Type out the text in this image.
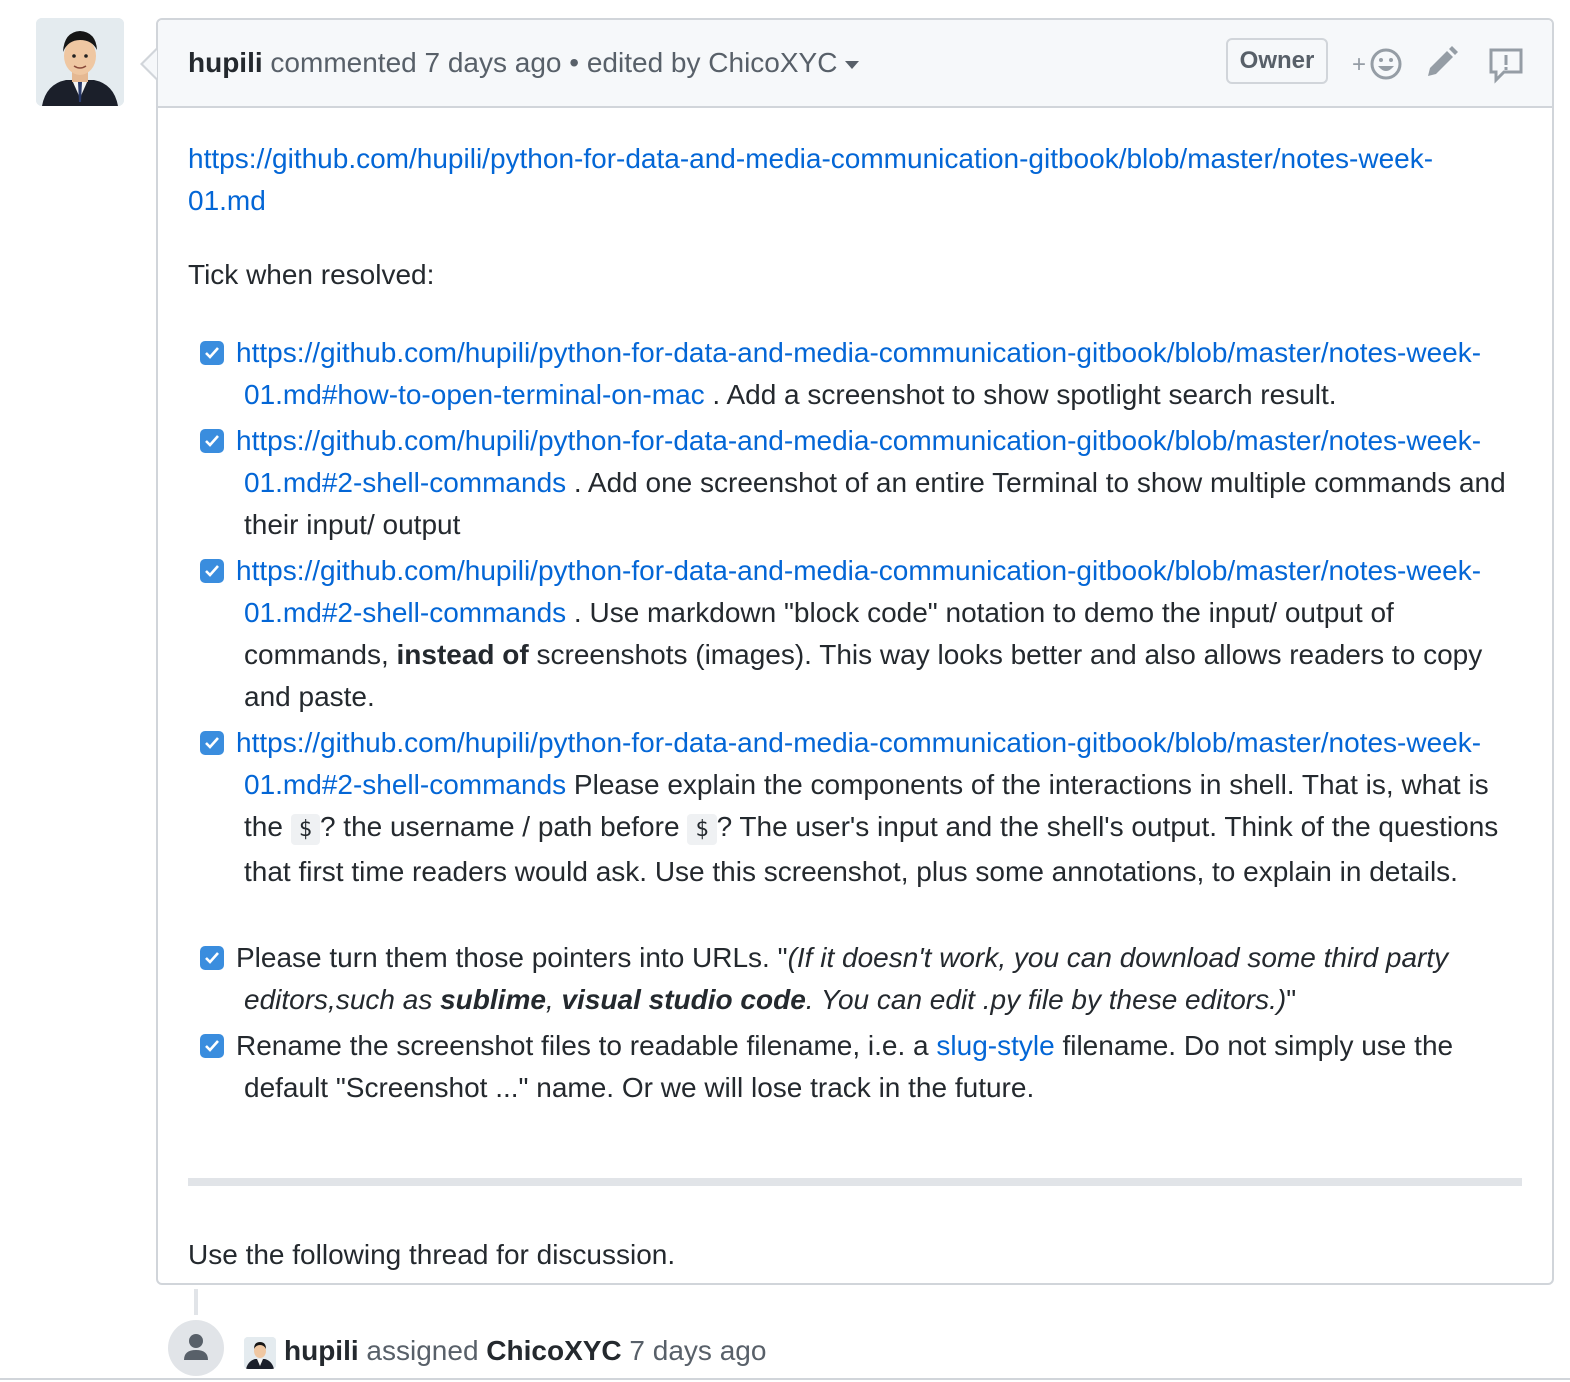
hupili commented 7 days ago • edited by ChicoXYC	Owner	+
https://github.com/hupili/python-for-data-and-media-communication-gitbook/blob/master/notes-week-01.md
Tick when resolved:
https://github.com/hupili/python-for-data-and-media-communication-gitbook/blob/master/notes-week-01.md#how-to-open-terminal-on-mac . Add a screenshot to show spotlight search result.
https://github.com/hupili/python-for-data-and-media-communication-gitbook/blob/master/notes-week-01.md#2-shell-commands . Add one screenshot of an entire Terminal to show multiple commands and their input/ output
https://github.com/hupili/python-for-data-and-media-communication-gitbook/blob/master/notes-week-01.md#2-shell-commands . Use markdown "block code" notation to demo the input/ output of commands, instead of screenshots (images). This way looks better and also allows readers to copy and paste.
https://github.com/hupili/python-for-data-and-media-communication-gitbook/blob/master/notes-week-01.md#2-shell-commands Please explain the components of the interactions in shell. That is, what is the $ ? the username / path before $ ? The user's input and the shell's output. Think of the questions that first time readers would ask. Use this screenshot, plus some annotations, to explain in details.
Please turn them those pointers into URLs. "(If it doesn't work, you can download some third party editors,such as sublime, visual studio code. You can edit .py file by these editors.)"
Rename the screenshot files to readable filename, i.e. a slug-style filename. Do not simply use the default "Screenshot ..." name. Or we will lose track in the future.
Use the following thread for discussion.
hupili assigned ChicoXYC 7 days ago
